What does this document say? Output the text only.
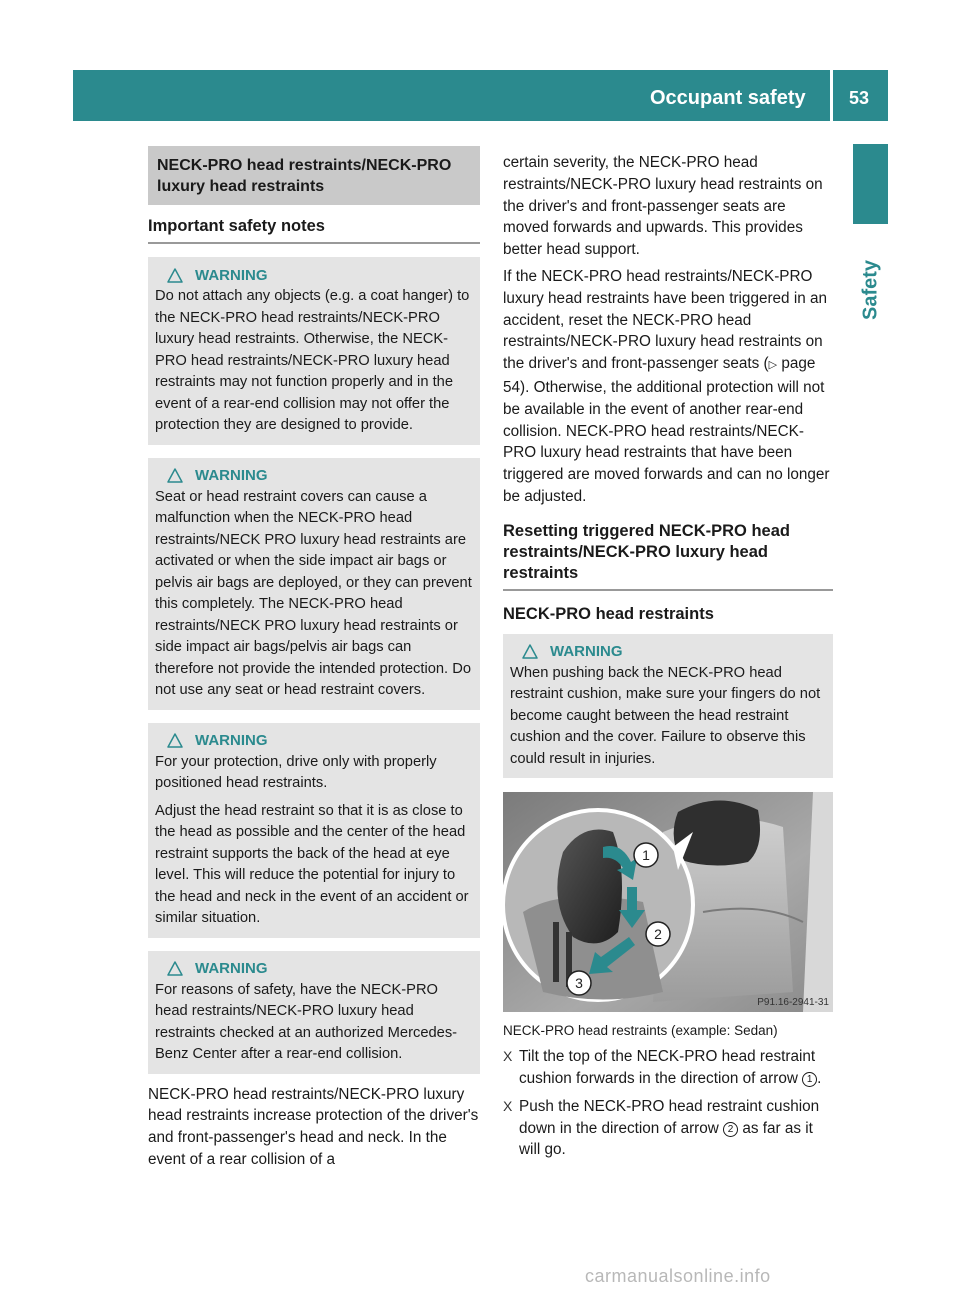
Occupant safety 53
Safety
NECK-PRO head restraints/NECK-PRO luxury head restraints
Important safety notes
WARNING

Do not attach any objects (e.g. a coat hanger) to the NECK-PRO head restraints/NECK-PRO luxury head restraints. Otherwise, the NECK-PRO head restraints/NECK-PRO luxury head restraints may not function properly and in the event of a rear-end collision may not offer the protection they are designed to provide.

WARNING

Seat or head restraint covers can cause a malfunction when the NECK-PRO head restraints/NECK PRO luxury head restraints are activated or when the side impact air bags or pelvis air bags are deployed, or they can prevent this completely. The NECK-PRO head restraints/NECK PRO luxury head restraints or side impact air bags/pelvis air bags can therefore not provide the intended protection. Do not use any seat or head restraint covers.

WARNING

For your protection, drive only with properly positioned head restraints.

Adjust the head restraint so that it is as close to the head as possible and the center of the head restraint supports the back of the head at eye level. This will reduce the potential for injury to the head and neck in the event of an accident or similar situation.

WARNING

For reasons of safety, have the NECK-PRO head restraints/NECK-PRO luxury head restraints checked at an authorized Mercedes-Benz Center after a rear-end collision.

NECK-PRO head restraints/NECK-PRO luxury head restraints increase protection of the driver's and front-passenger's head and neck. In the event of a rear collision of a

certain severity, the NECK-PRO head restraints/NECK-PRO luxury head restraints on the driver's and front-passenger seats are moved forwards and upwards. This provides better head support.

If the NECK-PRO head restraints/NECK-PRO luxury head restraints have been triggered in an accident, reset the NECK-PRO head restraints/NECK-PRO luxury head restraints on the driver's and front-passenger seats (▷ page 54). Otherwise, the additional protection will not be available in the event of another rear-end collision. NECK-PRO head restraints/NECK-PRO luxury head restraints that have been triggered are moved forwards and can no longer be adjusted.

Resetting triggered NECK-PRO head restraints/NECK-PRO luxury head restraints
NECK-PRO head restraints
WARNING

When pushing back the NECK-PRO head restraint cushion, make sure your fingers do not become caught between the head restraint cushion and the cover. Failure to observe this could result in injuries.

1
2
3
P91.16-2941-31

NECK-PRO head restraints (example: Sedan)

X Tilt the top of the NECK-PRO head restraint cushion forwards in the direction of arrow 1 .

X Push the NECK-PRO head restraint cushion down in the direction of arrow 2 as far as it will go.

carmanualsonline.info
